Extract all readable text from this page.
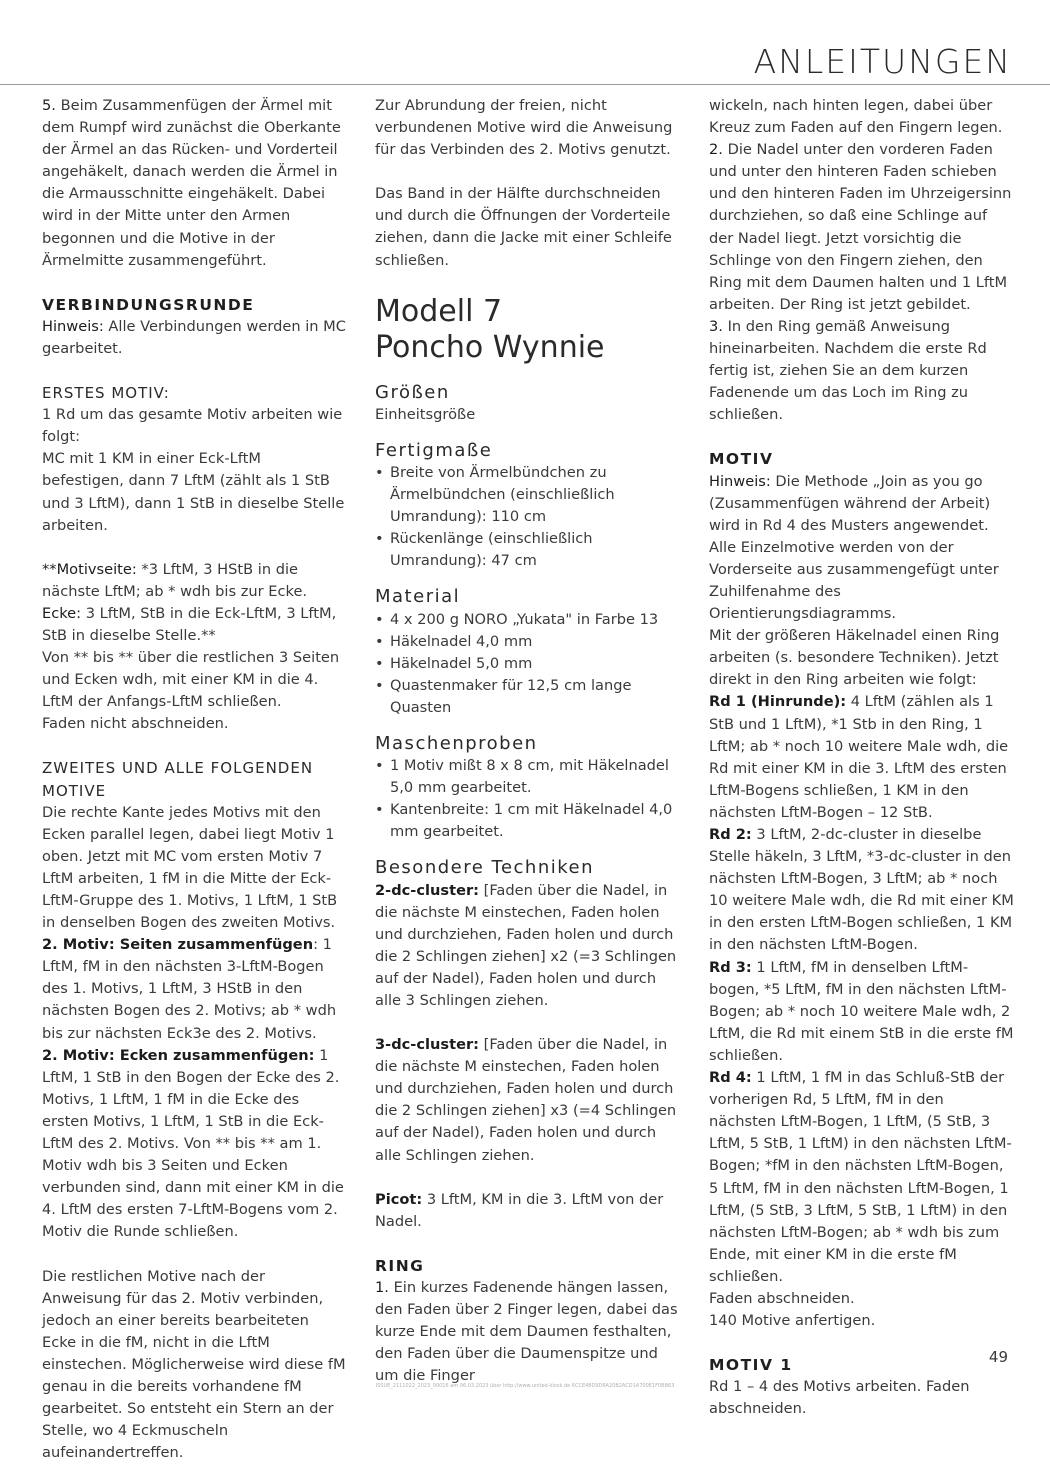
ANLEITUNGEN

5. Beim Zusammenfügen der Ärmel mit dem Rumpf wird zunächst die Oberkante der Ärmel an das Rücken- und Vorderteil angehäkelt, danach werden die Ärmel in die Armausschnitte eingehäkelt. Dabei wird in der Mitte unter den Armen begonnen und die Motive in der Ärmelmitte zusammengeführt.

VERBINDUNGSRUNDE

Hinweis: Alle Verbindungen werden in MC gearbeitet.

ERSTES MOTIV:

1 Rd um das gesamte Motiv arbeiten wie folgt:
MC mit 1 KM in einer Eck-LftM befestigen, dann 7 LftM (zählt als 1 StB und 3 LftM), dann 1 StB in dieselbe Stelle arbeiten.

**Motivseite: *3 LftM, 3 HStB in die nächste LftM; ab * wdh bis zur Ecke.

Ecke: 3 LftM, StB in die Eck-LftM, 3 LftM, StB in dieselbe Stelle.**

Von ** bis ** über die restlichen 3 Seiten und Ecken wdh, mit einer KM in die 4. LftM der Anfangs-LftM schließen.
Faden nicht abschneiden.

ZWEITES UND ALLE FOLGENDEN MOTIVE

Die rechte Kante jedes Motivs mit den Ecken parallel legen, dabei liegt Motiv 1 oben. Jetzt mit MC vom ersten Motiv 7 LftM arbeiten, 1 fM in die Mitte der Eck-LftM-Gruppe des 1. Motivs, 1 LftM, 1 StB in denselben Bogen des zweiten Motivs.

2. Motiv: Seiten zusammenfügen: 1 LftM, fM in den nächsten 3-LftM-Bogen des 1. Motivs, 1 LftM, 3 HStB in den nächsten Bogen des 2. Motivs; ab * wdh bis zur nächsten Eck3e des 2. Motivs.

2. Motiv: Ecken zusammenfügen: 1 LftM, 1 StB in den Bogen der Ecke des 2. Motivs, 1 LftM, 1 fM in die Ecke des ersten Motivs, 1 LftM, 1 StB in die Eck-LftM des 2. Motivs. Von ** bis ** am 1. Motiv wdh bis 3 Seiten und Ecken verbunden sind, dann mit einer KM in die 4. LftM des ersten 7-LftM-Bogens vom 2. Motiv die Runde schließen.

Die restlichen Motive nach der Anweisung für das 2. Motiv verbinden, jedoch an einer bereits bearbeiteten Ecke in die fM, nicht in die LftM einstechen. Möglicherweise wird diese fM genau in die bereits vorhandene fM gearbeitet. So entsteht ein Stern an der Stelle, wo 4 Eckmuscheln aufeinandertreffen.

Zur Abrundung der freien, nicht verbundenen Motive wird die Anweisung für das Verbinden des 2. Motivs genutzt.

Das Band in der Hälfte durchschneiden und durch die Öffnungen der Vorderteile ziehen, dann die Jacke mit einer Schleife schließen.

Modell 7
Poncho Wynnie

Größen

Einheitsgröße

Fertigmaße

• Breite von Ärmelbündchen zu Ärmelbündchen (einschließlich Umrandung): 110 cm
• Rückenlänge (einschließlich Umrandung): 47 cm

Material

• 4 x 200 g NORO „Yukata" in Farbe 13
• Häkelnadel 4,0 mm
• Häkelnadel 5,0 mm
• Quastenmaker für 12,5 cm lange Quasten

Maschenproben

• 1 Motiv mißt 8 x 8 cm, mit Häkelnadel 5,0 mm gearbeitet.
• Kantenbreite: 1 cm mit Häkelnadel 4,0 mm gearbeitet.

Besondere Techniken

2-dc-cluster: [Faden über die Nadel, in die nächste M einstechen, Faden holen und durchziehen, Faden holen und durch die 2 Schlingen ziehen] x2 (=3 Schlingen auf der Nadel), Faden holen und durch alle 3 Schlingen ziehen.

3-dc-cluster: [Faden über die Nadel, in die nächste M einstechen, Faden holen und durchziehen, Faden holen und durch die 2 Schlingen ziehen] x3 (=4 Schlingen auf der Nadel), Faden holen und durch alle Schlingen ziehen.

Picot: 3 LftM, KM in die 3. LftM von der Nadel.

RING

1. Ein kurzes Fadenende hängen lassen, den Faden über 2 Finger legen, dabei das kurze Ende mit dem Daumen festhalten, den Faden über die Daumenspitze und um die Finger

wickeln, nach hinten legen, dabei über Kreuz zum Faden auf den Fingern legen.

2. Die Nadel unter den vorderen Faden und unter den hinteren Faden schieben und den hinteren Faden im Uhrzeigersinn durchziehen, so daß eine Schlinge auf der Nadel liegt. Jetzt vorsichtig die Schlinge von den Fingern ziehen, den Ring mit dem Daumen halten und 1 LftM arbeiten. Der Ring ist jetzt gebildet.

3. In den Ring gemäß Anweisung hineinarbeiten. Nachdem die erste Rd fertig ist, ziehen Sie an dem kurzen Fadenende um das Loch im Ring zu schließen.

MOTIV

Hinweis: Die Methode „Join as you go (Zusammenfügen während der Arbeit) wird in Rd 4 des Musters angewendet. Alle Einzelmotive werden von der Vorderseite aus zusammengefügt unter Zuhilfenahme des Orientierungsdiagramms.
Mit der größeren Häkelnadel einen Ring arbeiten (s. besondere Techniken). Jetzt direkt in den Ring arbeiten wie folgt:

Rd 1 (Hinrunde): 4 LftM (zählen als 1 StB und 1 LftM), *1 Stb in den Ring, 1 LftM; ab * noch 10 weitere Male wdh, die Rd mit einer KM in die 3. LftM des ersten LftM-Bogens schließen, 1 KM in den nächsten LftM-Bogen – 12 StB.

Rd 2: 3 LftM, 2-dc-cluster in dieselbe Stelle häkeln, 3 LftM, *3-dc-cluster in den nächsten LftM-Bogen, 3 LftM; ab * noch 10 weitere Male wdh, die Rd mit einer KM in den ersten LftM-Bogen schließen, 1 KM in den nächsten LftM-Bogen.

Rd 3: 1 LftM, fM in denselben LftM-bogen, *5 LftM, fM in den nächsten LftM-Bogen; ab * noch 10 weitere Male wdh, 2 LftM, die Rd mit einem StB in die erste fM schließen.

Rd 4: 1 LftM, 1 fM in das Schluß-StB der vorherigen Rd, 5 LftM, fM in den nächsten LftM-Bogen, 1 LftM, (5 StB, 3 LftM, 5 StB, 1 LftM) in den nächsten LftM-Bogen; *fM in den nächsten LftM-Bogen, 5 LftM, fM in den nächsten LftM-Bogen, 1 LftM, (5 StB, 3 LftM, 5 StB, 1 LftM) in den nächsten LftM-Bogen; ab * wdh bis zum Ende, mit einer KM in die erste fM schließen.
Faden abschneiden.
140 Motive anfertigen.

MOTIV 1

Rd 1 – 4 des Motivs arbeiten. Faden abschneiden.

49
ISSUE_2111022_2023_00016 am 06.03.2023 über http://www.united-kiosk.de 6CCE48D9D6A20B2ACD1A700E1F0BB63
